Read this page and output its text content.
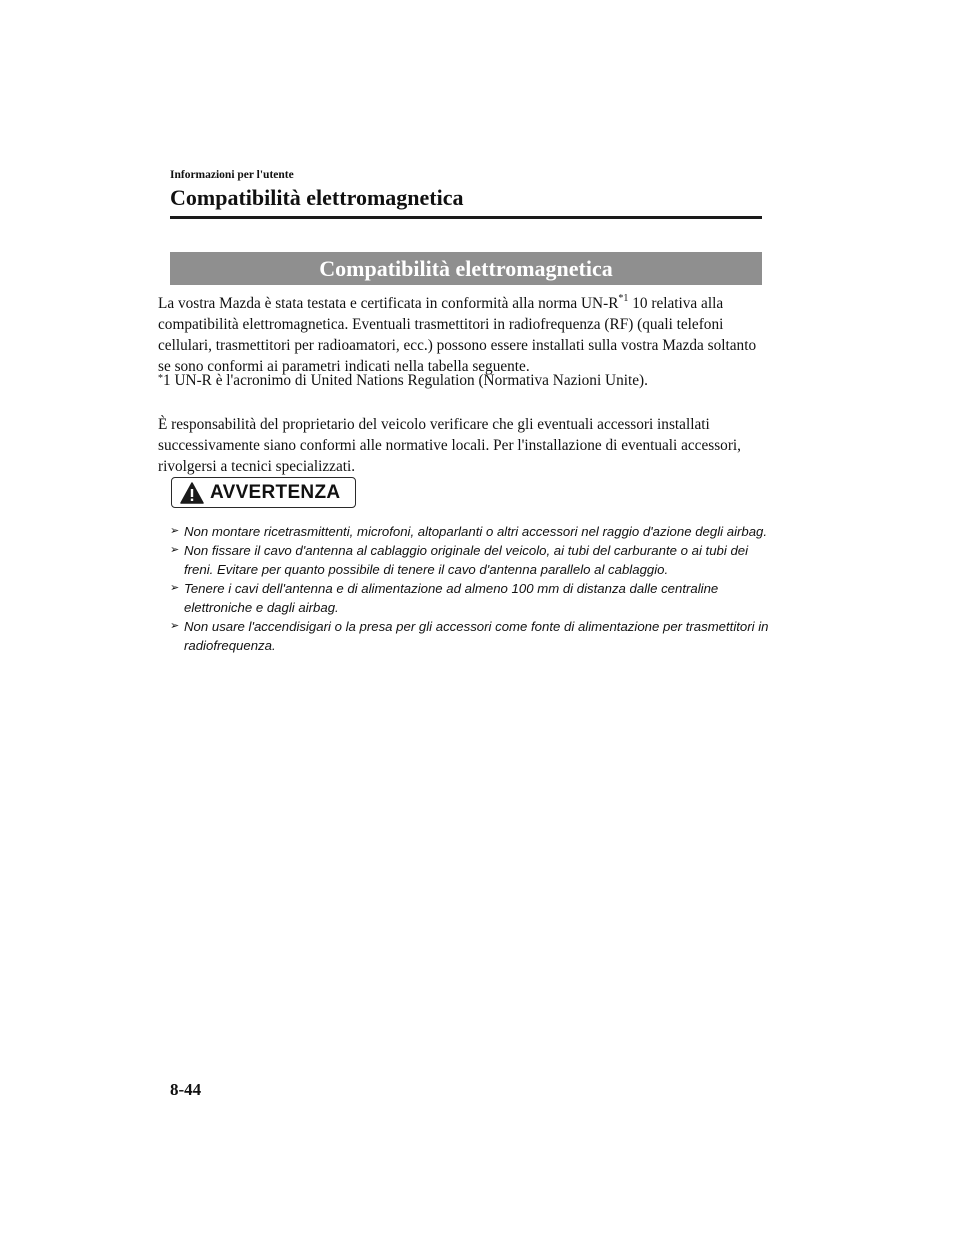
Informazioni per l'utente

Compatibilità elettromagnetica
Compatibilità elettromagnetica

La vostra Mazda è stata testata e certificata in conformità alla norma $UN-R^{*1}$ 10 relativa alla compatibilità elettromagnetica. Eventuali trasmettitori in radiofrequenza (RF) (quali telefoni cellulari, trasmettitori per radioamatori, ecc.) possono essere installati sulla vostra Mazda soltanto se sono conformi ai parametri indicati nella tabella seguente.

*1 UN-R è l'acronimo di United Nations Regulation (Normativa Nazioni Unite).

È responsabilità del proprietario del veicolo verificare che gli eventuali accessori installati successivamente siano conformi alle normative locali. Per l'installazione di eventuali accessori, rivolgersi a tecnici specializzati.

AVVERTENZA
➢ Non montare ricetrasmittenti, microfoni, altoparlanti o altri accessori nel raggio d'azione degli airbag.
➢ Non fissare il cavo d'antenna al cablaggio originale del veicolo, ai tubi del carburante o ai tubi dei freni. Evitare per quanto possibile di tenere il cavo d'antenna parallelo al cablaggio.
➢ Tenere i cavi dell'antenna e di alimentazione ad almeno 100 mm di distanza dalle centraline elettroniche e dagli airbag.
➢ Non usare l'accendisigari o la presa per gli accessori come fonte di alimentazione per trasmettitori in radiofrequenza.

8-44
